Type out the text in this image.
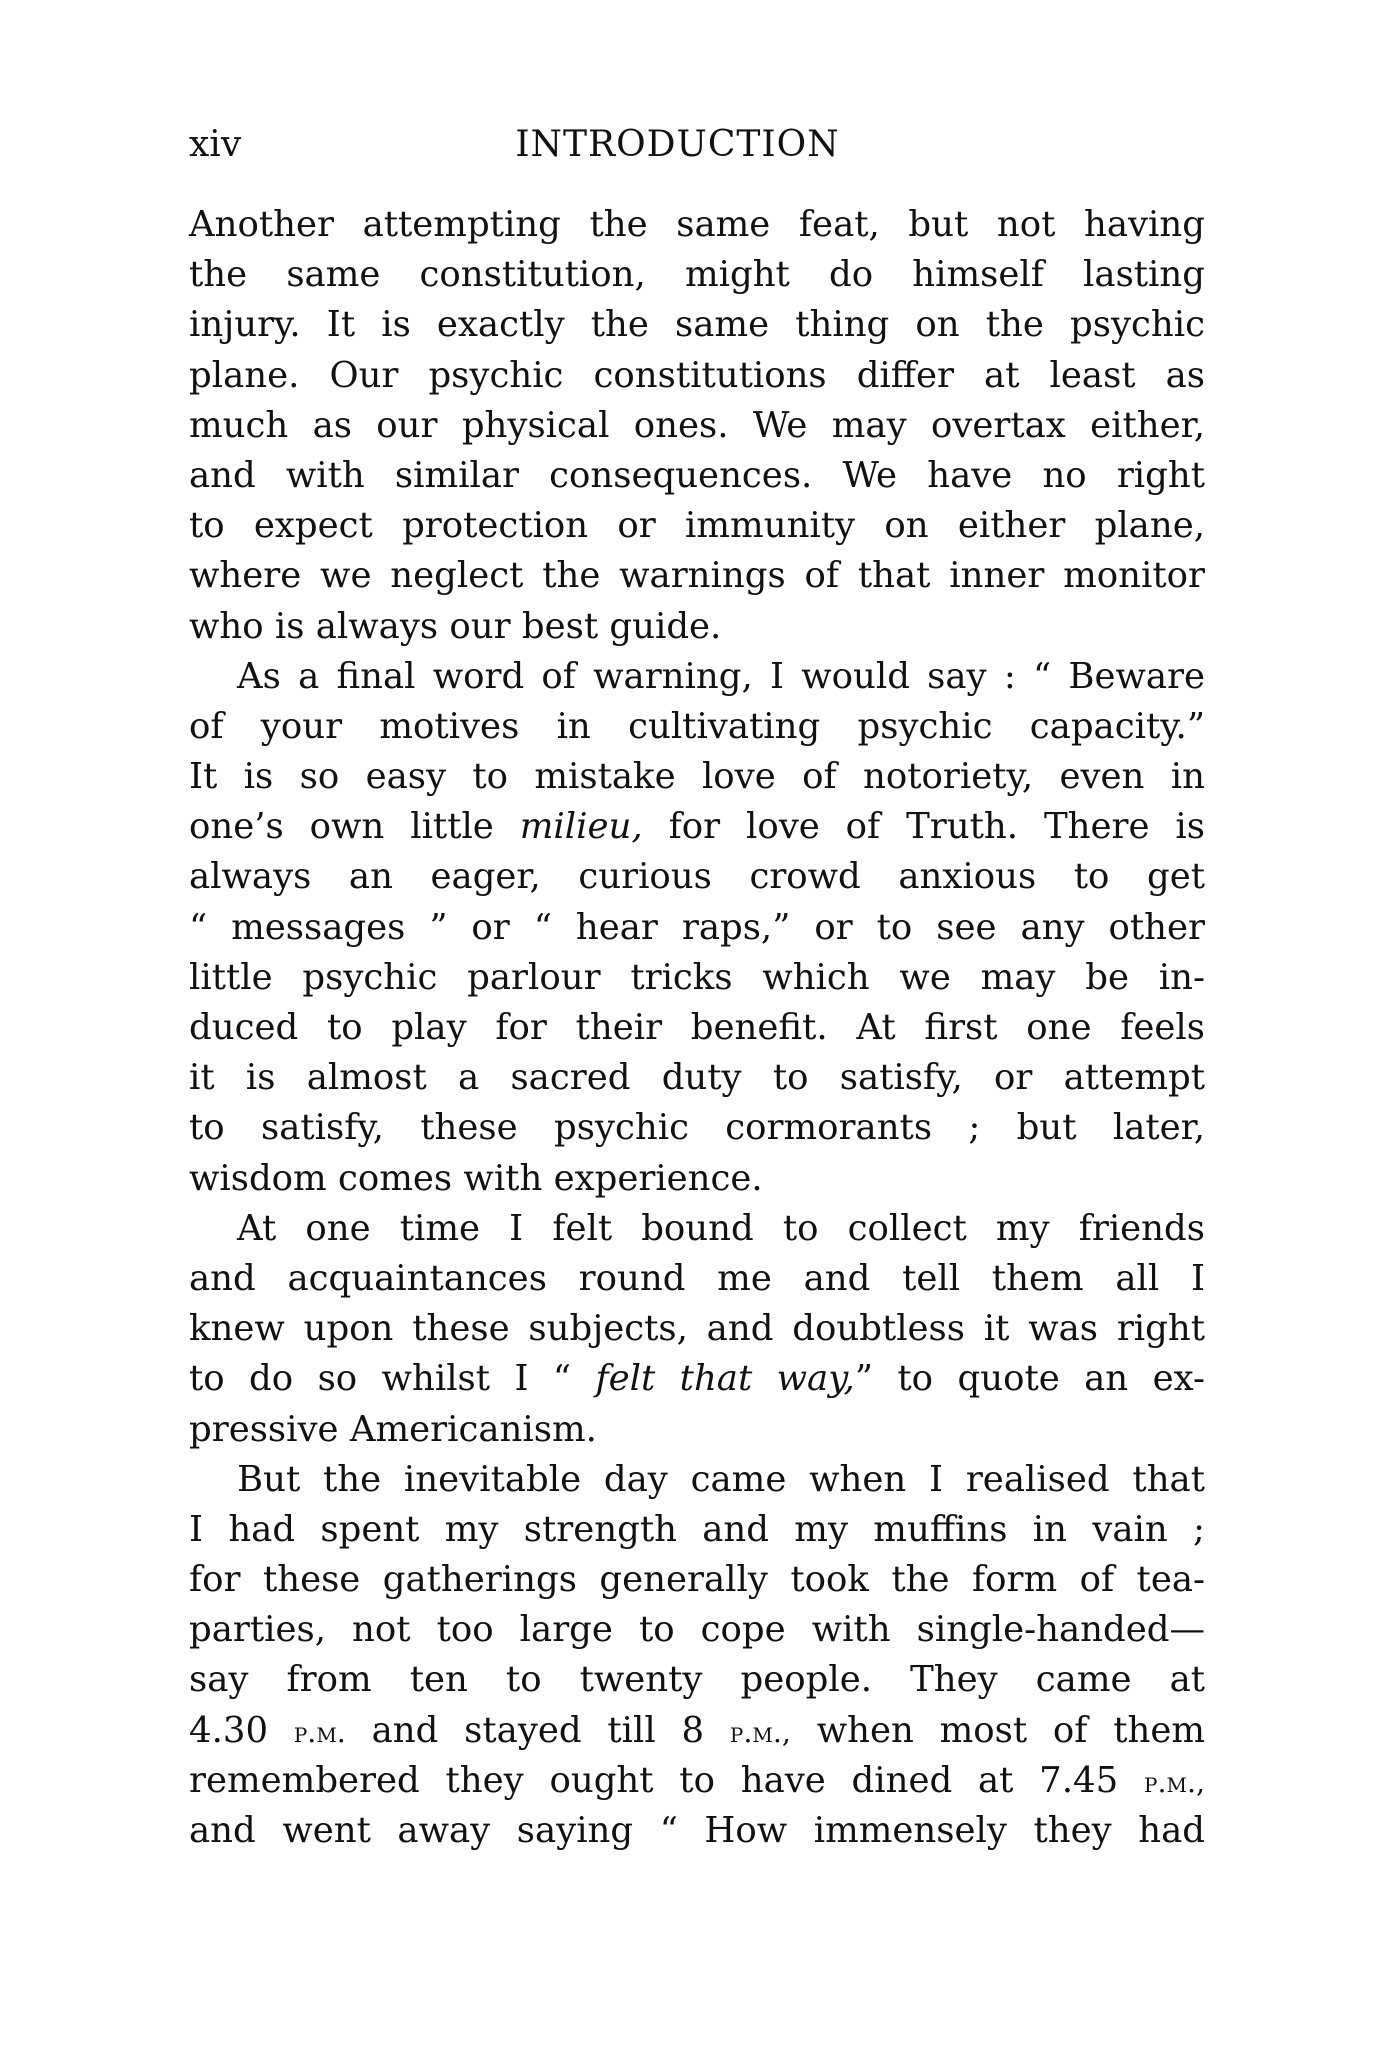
xiv	INTRODUCTION
Another attempting the same feat, but not having
the same constitution, might do himself lasting
injury. It is exactly the same thing on the psychic
plane. Our psychic constitutions differ at least as
much as our physical ones. We may overtax either,
and with similar consequences. We have no right
to expect protection or immunity on either plane,
where we neglect the warnings of that inner monitor
who is always our best guide.
As a final word of warning, I would say : “ Beware
of your motives in cultivating psychic capacity.”
It is so easy to mistake love of notoriety, even in
one’s own little milieu, for love of Truth. There is
always an eager, curious crowd anxious to get
“ messages ” or “ hear raps,” or to see any other
little psychic parlour tricks which we may be in-
duced to play for their benefit. At first one feels
it is almost a sacred duty to satisfy, or attempt
to satisfy, these psychic cormorants ; but later,
wisdom comes with experience.
At one time I felt bound to collect my friends
and acquaintances round me and tell them all I
knew upon these subjects, and doubtless it was right
to do so whilst I “ felt that way,” to quote an ex-
pressive Americanism.
But the inevitable day came when I realised that
I had spent my strength and my muffins in vain ;
for these gatherings generally took the form of tea-
parties, not too large to cope with single-handed—
say from ten to twenty people. They came at
4.30 p.m. and stayed till 8 p.m., when most of them
remembered they ought to have dined at 7.45 p.m.,
and went away saying “ How immensely they had
